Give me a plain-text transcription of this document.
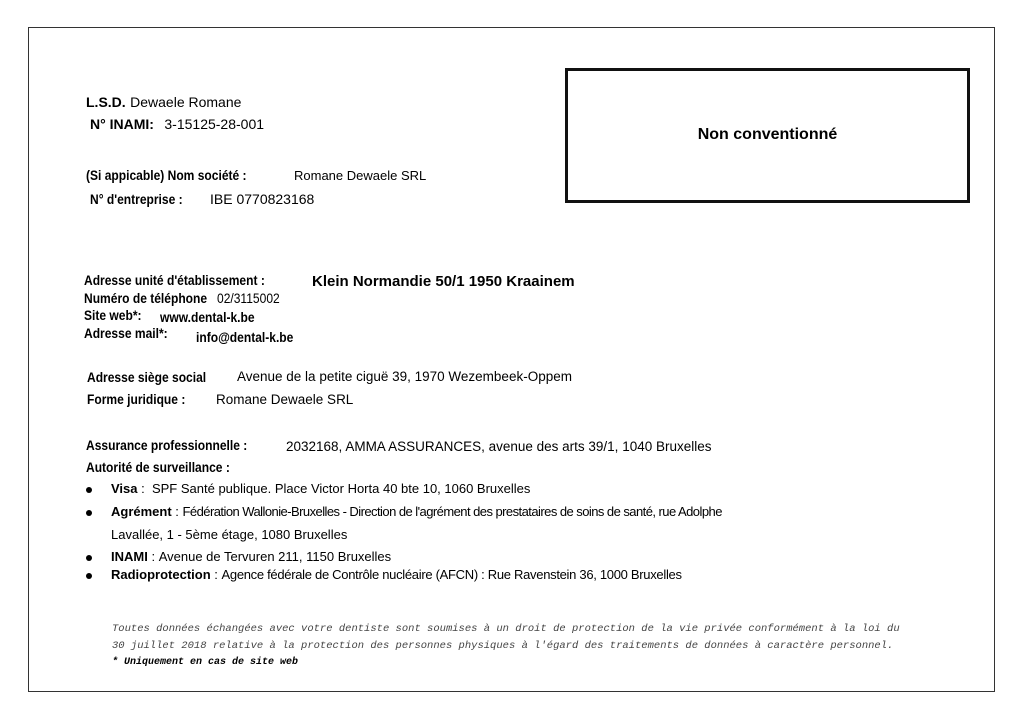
L.S.D. Dewaele Romane
N° INAMI: 3-15125-28-001
(Si appicable) Nom société :	Romane Dewaele SRL
N° d'entreprise : IBE 0770823168
Non conventionné
Adresse unité d'établissement :	Klein Normandie 50/1 1950 Kraainem
Numéro de téléphone 02/3115002
Site web*: www.dental-k.be
Adresse mail*: info@dental-k.be
Adresse siège social Avenue de la petite ciguë 39, 1970 Wezembeek-Oppem
Forme juridique : Romane Dewaele SRL
Assurance professionnelle :	2032168, AMMA ASSURANCES, avenue des arts 39/1, 1040 Bruxelles
Autorité de surveillance :
Visa :  SPF Santé publique. Place Victor Horta 40 bte 10, 1060 Bruxelles
Agrément : Fédération Wallonie-Bruxelles - Direction de l'agrément des prestataires de soins de santé, rue Adolphe
Lavallée, 1 - 5ème étage, 1080 Bruxelles
INAMI : Avenue de Tervuren 211, 1150 Bruxelles
Radioprotection : Agence fédérale de Contrôle nucléaire (AFCN) : Rue Ravenstein 36, 1000 Bruxelles
Toutes données échangées avec votre dentiste sont soumises à un droit de protection de la vie privée conformément à la loi du
30 juillet 2018 relative à la protection des personnes physiques à l'égard des traitements de données à caractère personnel.
* Uniquement en cas de site web
